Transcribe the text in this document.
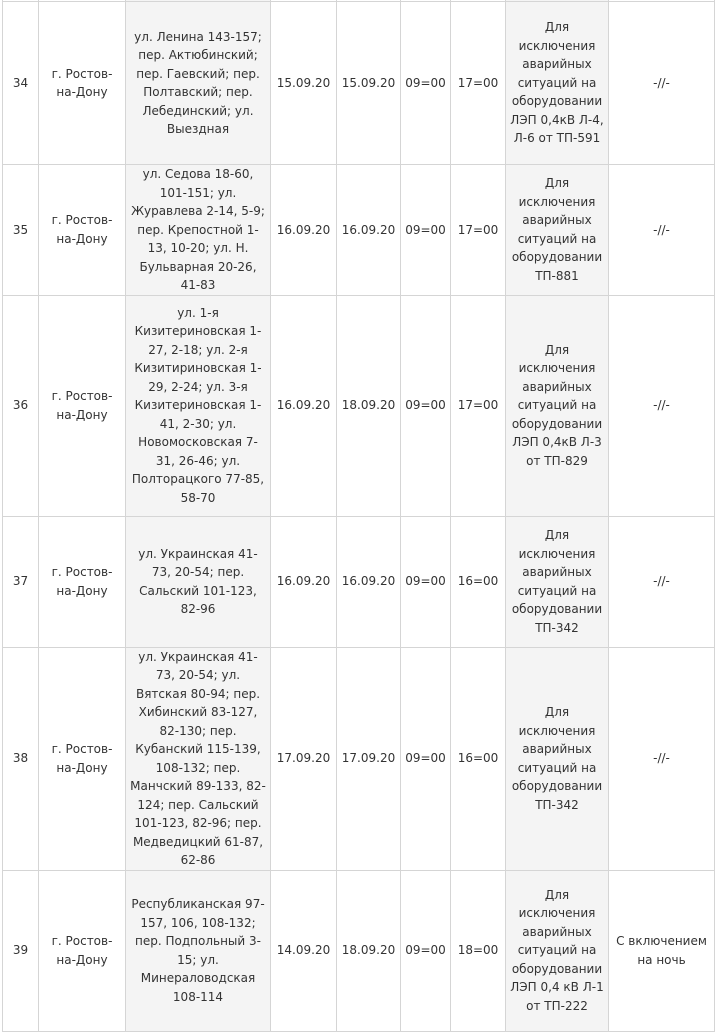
34	г. Ростов-на-Дону	ул. Ленина 143-157; пер. Актюбинский; пер. Гаевский; пер. Полтавский; пер. Лебединский; ул. Выездная	15.09.20	15.09.20	09=00	17=00	Для исключения аварийных ситуаций на оборудовании ЛЭП 0,4кВ Л-4, Л-6 от ТП-591	-//-
35	г. Ростов-на-Дону	ул. Седова 18-60, 101-151; ул. Журавлева 2-14, 5-9; пер. Крепостной 1-13, 10-20; ул. Н. Бульварная 20-26, 41-83	16.09.20	16.09.20	09=00	17=00	Для исключения аварийных ситуаций на оборудовании ТП-881	-//-
36	г. Ростов-на-Дону	ул. 1-я Кизитериновская 1-27, 2-18; ул. 2-я Кизитириновская 1-29, 2-24; ул. 3-я Кизитериновская 1-41, 2-30; ул. Новомосковская 7-31, 26-46; ул. Полторацкого 77-85, 58-70	16.09.20	18.09.20	09=00	17=00	Для исключения аварийных ситуаций на оборудовании ЛЭП 0,4кВ Л-3 от ТП-829	-//-
37	г. Ростов-на-Дону	ул. Украинская 41-73, 20-54; пер. Сальский 101-123, 82-96	16.09.20	16.09.20	09=00	16=00	Для исключения аварийных ситуаций на оборудовании ТП-342	-//-
38	г. Ростов-на-Дону	ул. Украинская 41-73, 20-54; ул. Вятская 80-94; пер. Хибинский 83-127, 82-130; пер. Кубанский 115-139, 108-132; пер. Манчский 89-133, 82-124; пер. Сальский 101-123, 82-96; пер. Медведицкий 61-87, 62-86	17.09.20	17.09.20	09=00	16=00	Для исключения аварийных ситуаций на оборудовании ТП-342	-//-
39	г. Ростов-на-Дону	Республиканская 97-157, 106, 108-132; пер. Подпольный 3-15; ул. Минераловодская 108-114	14.09.20	18.09.20	09=00	18=00	Для исключения аварийных ситуаций на оборудовании ЛЭП 0,4 кВ Л-1 от ТП-222	С включением на ночь
